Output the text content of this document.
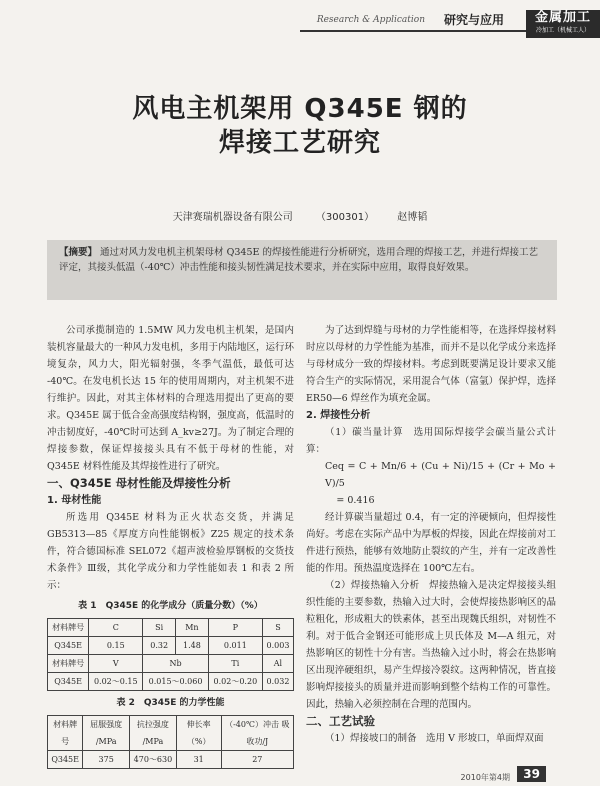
Research & Application 研究与应用	金属加工
冷加工（机械工人）
风电主机架用 Q345E 钢的
焊接工艺研究
天津赛瑞机器设备有限公司 （300301） 赵博韬
【摘要】 通过对风力发电机主机架母材 Q345E 的焊接性能进行分析研究，选用合理的焊接工艺，并进行焊接工艺评定，其接头低温（-40℃）冲击性能和接头韧性满足技术要求，并在实际中应用，取得良好效果。

公司承揽制造的 1.5MW 风力发电机主机架，是国内装机容量最大的一种风力发电机，多用于内陆地区，运行环境复杂，风力大，阳光辐射强，冬季气温低，最低可达 -40℃。在发电机长达 15 年的使用周期内，对主机架不进行维护。因此，对其主体材料的合理选用提出了更高的要求。Q345E 属于低合金高强度结构钢，强度高，低温时的冲击韧度好，-40℃时可达到 A_kv≥27J。为了制定合理的焊接参数，保证焊接接头具有不低于母材的性能，对 Q345E 材料性能及其焊接性进行了研究。

一、Q345E 母材性能及焊接性分析

1. 母材性能

所选用 Q345E 材料为正火状态交货，并满足 GB5313—85《厚度方向性能钢板》Z25 规定的技术条件，符合德国标准 SEL072《超声波检验厚钢板的交货技术条件》Ⅲ级，其化学成分和力学性能如表 1 和表 2 所示：

表 1　Q345E 的化学成分（质量分数）（%）
材料牌号	C	Si	Mn	P	S
Q345E	0.15	0.32	1.48	0.011	0.003
材料牌号	V	Nb		Ti	Al
Q345E	0.02～0.15	0.015～0.060		0.02～0.20	0.032
表 2　Q345E 的力学性能
材料牌号	屈服强度 /MPa	抗拉强度 /MPa	伸长率 （%）	（-40℃）冲击 吸收功/J
Q345E	375	470～630	31	27

为了达到焊缝与母材的力学性能相等，在选择焊接材料时应以母材的力学性能为基准，而并不是以化学成分来选择与母材成分一致的焊接材料。考虑到既要满足设计要求又能符合生产的实际情况，采用混合气体（富氩）保护焊，选择 ER50—6 焊丝作为填充金属。

2. 焊接性分析

（1）碳当量计算　选用国际焊接学会碳当量公式计算：

Ceq = C + Mn/6 + (Cu + Ni)/15 + (Cr + Mo + V)/5

= 0.416

经计算碳当量超过 0.4，有一定的淬硬倾向，但焊接性尚好。考虑在实际产品中为厚板的焊接，因此在焊接前对工件进行预热，能够有效地防止裂纹的产生，并有一定改善性能的作用。预热温度选择在 100℃左右。

（2）焊接热输入分析　焊接热输入是决定焊接接头组织性能的主要参数，热输入过大时，会使焊接热影响区的晶粒粗化，形成粗大的铁素体，甚至出现魏氏组织，对韧性不利。对于低合金钢还可能形成上贝氏体及 M—A 组元，对热影响区的韧性十分有害。当热输入过小时，将会在热影响区出现淬硬组织，易产生焊接冷裂纹。这两种情况，皆直接影响焊接接头的质量并进而影响到整个结构工作的可靠性。因此，热输入必须控制在合理的范围内。

二、工艺试验

（1）焊接坡口的制备　选用 V 形坡口，单面焊双面

2010年第4期	39
